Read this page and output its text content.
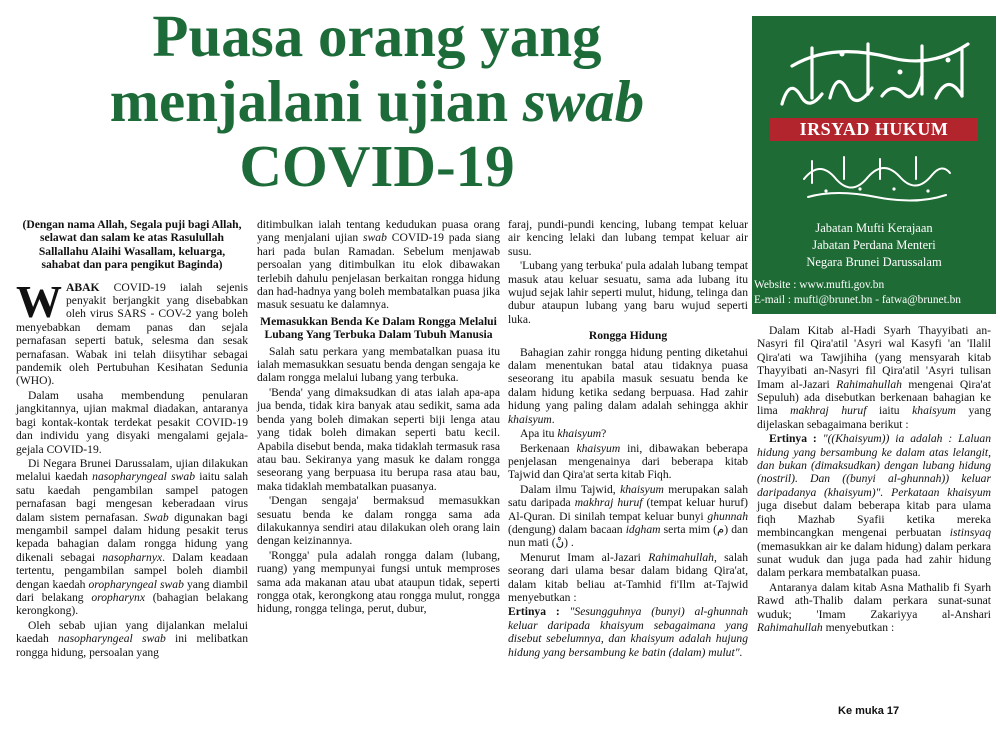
Puasa orang yang
menjalani ujian swab
COVID-19
IRSYAD HUKUM
Jabatan Mufti Kerajaan
Jabatan Perdana Menteri
Negara Brunei Darussalam
Website : www.mufti.gov.bn
E-mail : mufti@brunet.bn - fatwa@brunet.bn
(Dengan nama Allah, Segala puji bagi Allah, selawat dan salam ke atas Rasulullah Sallallahu Alaihi Wasallam, keluarga, sahabat dan para pengikut Baginda)

WABAK COVID-19 ialah sejenis penyakit berjangkit yang disebabkan oleh virus SARS - COV-2 yang boleh menyebabkan demam panas dan sejala pernafasan seperti batuk, selesma dan sesak pernafasan. Wabak ini telah diisytihar sebagai pandemik oleh Pertubuhan Kesihatan Sedunia (WHO).

Dalam usaha membendung penularan jangkitannya, ujian makmal diadakan, antaranya bagi kontak-kontak terdekat pesakit COVID-19 dan individu yang disyaki mengalami gejala-gejala COVID-19.

Di Negara Brunei Darussalam, ujian dilakukan melalui kaedah nasopharyngeal swab iaitu salah satu kaedah pengambilan sampel patogen pernafasan bagi mengesan keberadaan virus dalam sistem pernafasan. Swab digunakan bagi mengambil sampel dalam hidung pesakit terus kepada bahagian dalam rongga hidung yang dikenali sebagai nasopharnyx. Dalam keadaan tertentu, pengambilan sampel boleh diambil dengan kaedah oropharyngeal swab yang diambil dari belakang oropharynx (bahagian belakang kerongkong).

Oleh sebab ujian yang dijalankan melalui kaedah nasopharyngeal swab ini melibatkan rongga hidung, persoalan yang

ditimbulkan ialah tentang kedudukan puasa orang yang menjalani ujian swab COVID-19 pada siang hari pada bulan Ramadan. Sebelum menjawab persoalan yang ditimbulkan itu elok dibawakan terlebih dahulu penjelasan berkaitan rongga hidung dan had-hadnya yang boleh membatalkan puasa jika masuk sesuatu ke dalamnya.

Memasukkan Benda Ke Dalam Rongga Melalui Lubang Yang Terbuka Dalam Tubuh Manusia

Salah satu perkara yang membatalkan puasa itu ialah memasukkan sesuatu benda dengan sengaja ke dalam rongga melalui lubang yang terbuka.

'Benda' yang dimaksudkan di atas ialah apa-apa jua benda, tidak kira banyak atau sedikit, sama ada benda yang boleh dimakan seperti biji lenga atau yang tidak boleh dimakan seperti batu kecil. Apabila disebut benda, maka tidaklah termasuk rasa atau bau. Sekiranya yang masuk ke dalam rongga seseorang yang berpuasa itu berupa rasa atau bau, maka tidaklah membatalkan puasanya.

'Dengan sengaja' bermaksud memasukkan sesuatu benda ke dalam rongga sama ada dilakukannya sendiri atau dilakukan oleh orang lain dengan keizinannya.

'Rongga' pula adalah rongga dalam (lubang, ruang) yang mempunyai fungsi untuk memproses sama ada makanan atau ubat ataupun tidak, seperti rongga otak, kerongkong atau rongga mulut, rongga hidung, rongga telinga, perut, dubur,

faraj, pundi-pundi kencing, lubang tempat keluar air kencing lelaki dan lubang tempat keluar air susu.

'Lubang yang terbuka' pula adalah lubang tempat masuk atau keluar sesuatu, sama ada lubang itu wujud sejak lahir seperti mulut, hidung, telinga dan dubur ataupun lubang yang baru wujud seperti luka.

Rongga Hidung

Bahagian zahir rongga hidung penting diketahui dalam menentukan batal atau tidaknya puasa seseorang itu apabila masuk sesuatu benda ke dalam hidung ketika sedang berpuasa. Had zahir hidung yang paling dalam adalah sehingga akhir khaisyum.

Apa itu khaisyum?

Berkenaan khaisyum ini, dibawakan beberapa penjelasan mengenainya dari beberapa kitab Tajwid dan Qira'at serta kitab Fiqh.

Dalam ilmu Tajwid, khaisyum merupakan salah satu daripada makhraj huruf (tempat keluar huruf) Al-Quran. Di sinilah tempat keluar bunyi ghunnah (dengung) dalam bacaan idgham serta mim (م) dan nun mati (نْ) .

Menurut Imam al-Jazari Rahimahullah, salah seorang dari ulama besar dalam bidang Qira'at, dalam kitab beliau at-Tamhid fi'Ilm at-Tajwid menyebutkan :

Ertinya : "Sesungguhnya (bunyi) al-ghunnah keluar daripada khaisyum sebagaimana yang disebut sebelumnya, dan khaisyum adalah hujung hidung yang bersambung ke batin (dalam) mulut".

Dalam Kitab al-Hadi Syarh Thayyibati an-Nasyri fil Qira'atil 'Asyri wal Kasyfi 'an 'Ilalil Qira'ati wa Tawjihiha (yang mensyarah kitab Thayyibati an-Nasyri fil Qira'atil 'Asyri tulisan Imam al-Jazari Rahimahullah mengenai Qira'at Sepuluh) ada disebutkan berkenaan bahagian ke lima makhraj huruf iaitu khaisyum yang dijelaskan sebagaimana berikut :

Ertinya : "((Khaisyum)) ia adalah : Laluan hidung yang bersambung ke dalam atas lelangit, dan bukan (dimaksudkan) dengan lubang hidung (nostril). Dan ((bunyi al-ghunnah)) keluar daripadanya (khaisyum)". Perkataan khaisyum juga disebut dalam beberapa kitab para ulama fiqh Mazhab Syafii ketika mereka membincangkan mengenai perbuatan istinsyaq (memasukkan air ke dalam hidung) dalam perkara sunat wuduk dan juga pada had zahir hidung dalam perkara membatalkan puasa.

Antaranya dalam kitab Asna Mathalib fi Syarh Rawd ath-Thalib dalam perkara sunat-sunat wuduk; 'Imam Zakariyya al-Anshari Rahimahullah menyebutkan :

Ke muka 17
